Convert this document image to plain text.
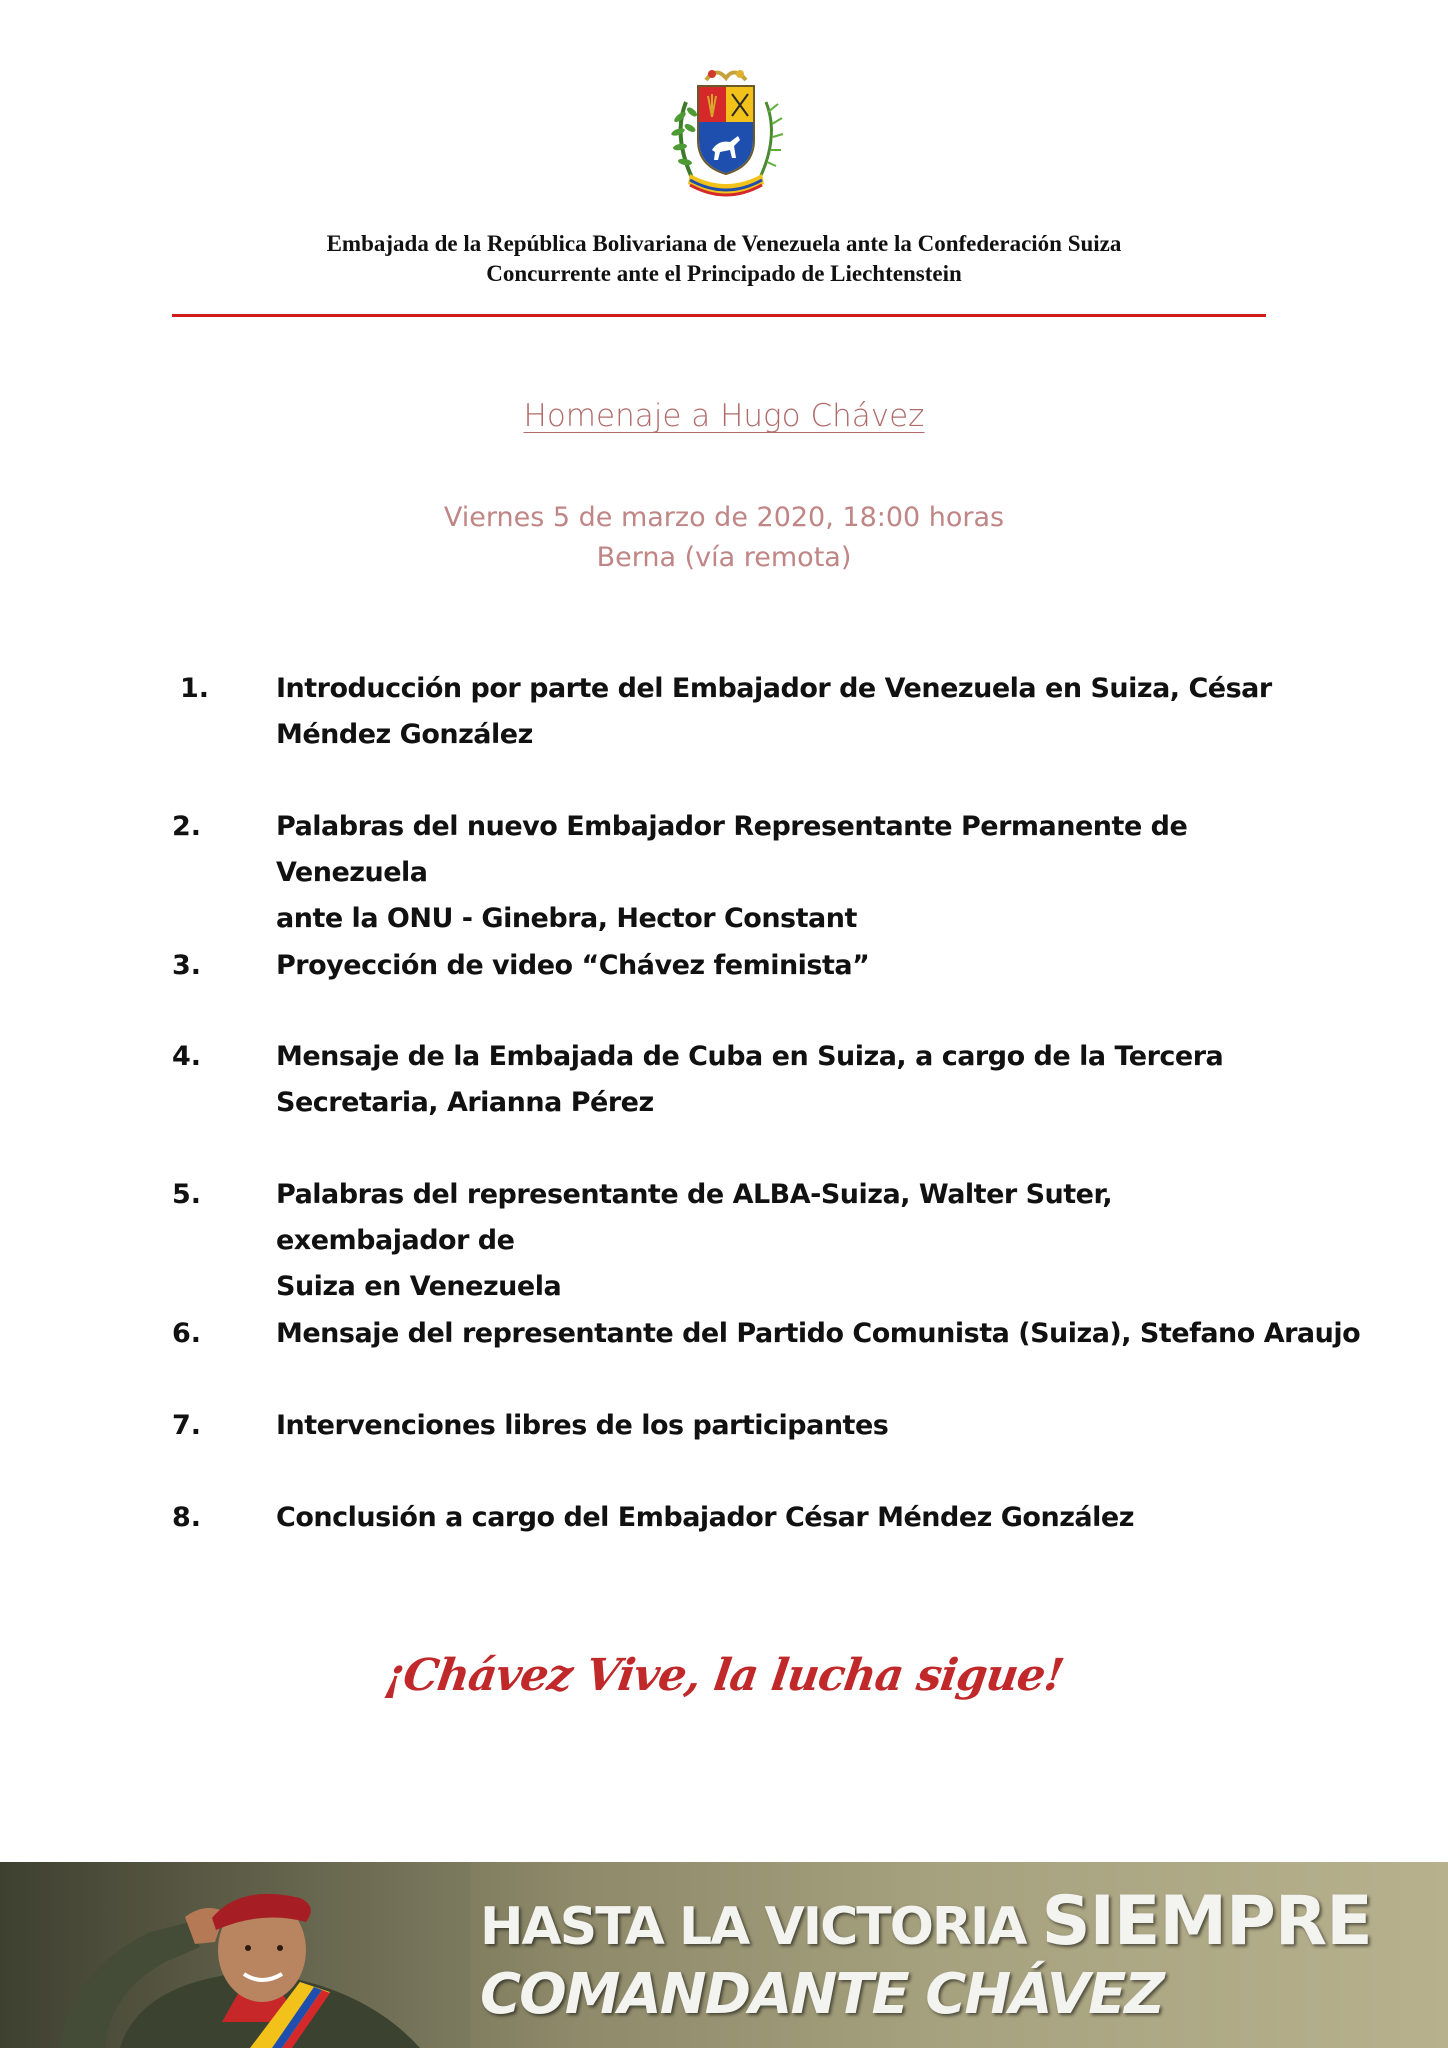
Embajada de la República Bolivariana de Venezuela ante la Confederación Suiza
Concurrente ante el Principado de Liechtenstein
Homenaje a Hugo Chávez
Viernes 5 de marzo de 2020, 18:00 horas
Berna (vía remota)
1.	Introducción por parte del Embajador de Venezuela en Suiza, César
Méndez González
2.	Palabras del nuevo Embajador Representante Permanente de Venezuela
ante la ONU - Ginebra, Hector Constant
3.	Proyección de video “Chávez feminista”
4.	Mensaje de la Embajada de Cuba en Suiza, a cargo de la Tercera
Secretaria, Arianna Pérez
5.	Palabras del representante de ALBA-Suiza, Walter Suter, exembajador de
Suiza en Venezuela
6.	Mensaje del representante del Partido Comunista (Suiza), Stefano Araujo
7.	Intervenciones libres de los participantes
8.	Conclusión a cargo del Embajador César Méndez González
¡Chávez Vive, la lucha sigue!
HASTA LA VICTORIA SIEMPRE
COMANDANTE CHÁVEZ
